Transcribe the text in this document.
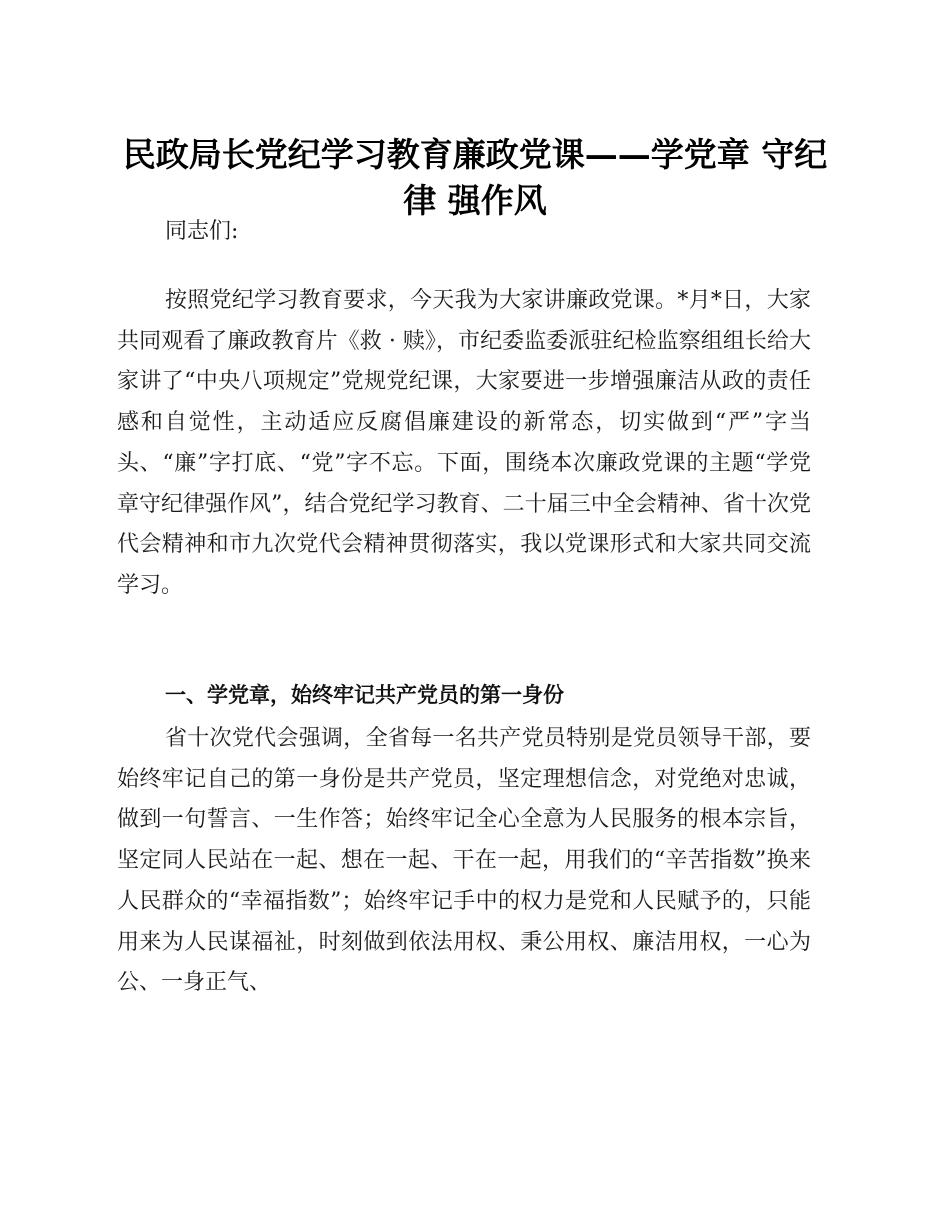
民政局长党纪学习教育廉政党课——学党章 守纪律 强作风

同志们:

按照党纪学习教育要求，今天我为大家讲廉政党课。*月*日，大家共同观看了廉政教育片《救 · 赎》，市纪委监委派驻纪检监察组组长给大家讲了“中央八项规定”党规党纪课，大家要进一步增强廉洁从政的责任感和自觉性，主动适应反腐倡廉建设的新常态，切实做到“严”字当头、“廉”字打底、“党”字不忘。下面，围绕本次廉政党课的主题“学党章守纪律强作风”，结合党纪学习教育、二十届三中全会精神、省十次党代会精神和市九次党代会精神贯彻落实，我以党课形式和大家共同交流学习。

一、学党章，始终牢记共产党员的第一身份

省十次党代会强调，全省每一名共产党员特别是党员领导干部，要始终牢记自己的第一身份是共产党员，坚定理想信念，对党绝对忠诚，做到一句誓言、一生作答；始终牢记全心全意为人民服务的根本宗旨，坚定同人民站在一起、想在一起、干在一起，用我们的“辛苦指数”换来人民群众的“幸福指数”；始终牢记手中的权力是党和人民赋予的，只能用来为人民谋福祉，时刻做到依法用权、秉公用权、廉洁用权，一心为公、一身正气、
